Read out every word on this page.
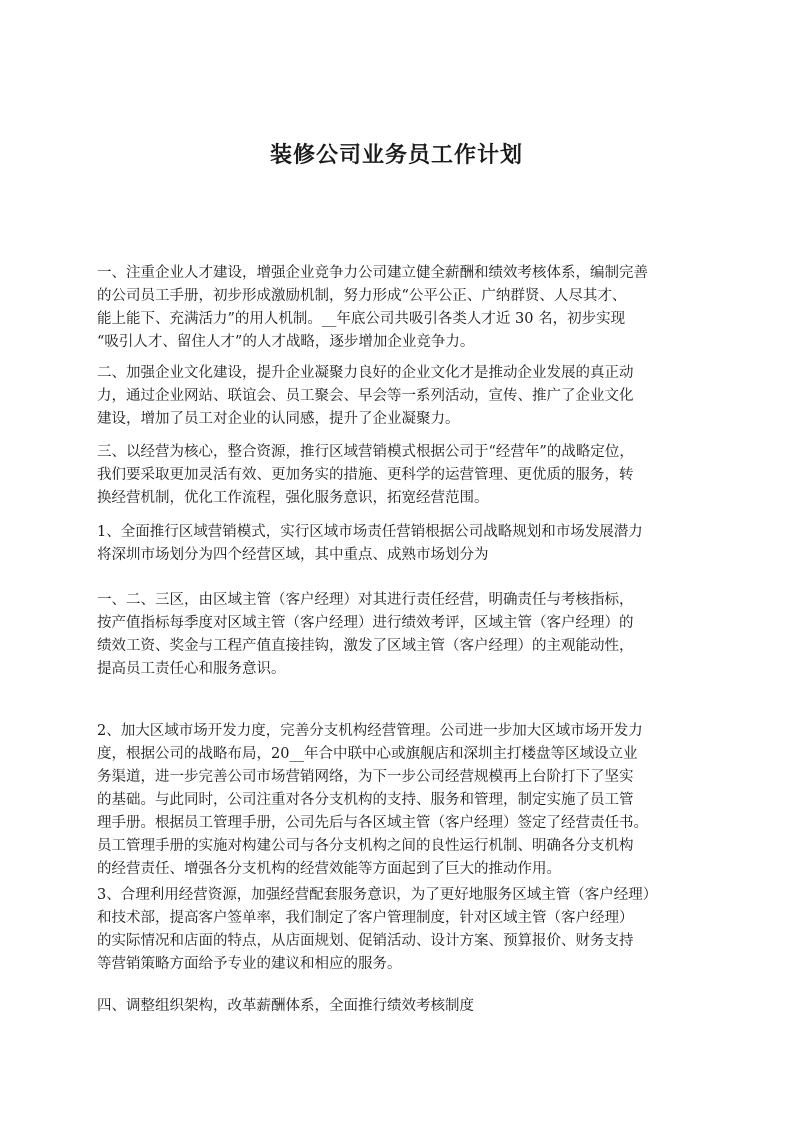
装修公司业务员工作计划
一、注重企业人才建设，增强企业竞争力公司建立健全薪酬和绩效考核体系，编制完善
的公司员工手册，初步形成激励机制，努力形成“公平公正、广纳群贤、人尽其才、
能上能下、充满活力”的用人机制。__年底公司共吸引各类人才近 30 名，初步实现
“吸引人才、留住人才”的人才战略，逐步增加企业竞争力。
二、加强企业文化建设，提升企业凝聚力良好的企业文化才是推动企业发展的真正动
力，通过企业网站、联谊会、员工聚会、早会等一系列活动，宣传、推广了企业文化
建设，增加了员工对企业的认同感，提升了企业凝聚力。
三、以经营为核心，整合资源，推行区域营销模式根据公司于“经营年”的战略定位，
我们要采取更加灵活有效、更加务实的措施、更科学的运营管理、更优质的服务，转
换经营机制，优化工作流程，强化服务意识，拓宽经营范围。
1、全面推行区域营销模式，实行区域市场责任营销根据公司战略规划和市场发展潜力
将深圳市场划分为四个经营区域，其中重点、成熟市场划分为
一、二、三区，由区域主管（客户经理）对其进行责任经营，明确责任与考核指标，
按产值指标每季度对区域主管（客户经理）进行绩效考评，区域主管（客户经理）的
绩效工资、奖金与工程产值直接挂钩，激发了区域主管（客户经理）的主观能动性，
提高员工责任心和服务意识。
2、加大区域市场开发力度，完善分支机构经营管理。公司进一步加大区域市场开发力
度，根据公司的战略布局，20__年合中联中心或旗舰店和深圳主打楼盘等区域设立业
务渠道，进一步完善公司市场营销网络，为下一步公司经营规模再上台阶打下了坚实
的基础。与此同时，公司注重对各分支机构的支持、服务和管理，制定实施了员工管
理手册。根据员工管理手册，公司先后与各区域主管（客户经理）签定了经营责任书。
员工管理手册的实施对构建公司与各分支机构之间的良性运行机制、明确各分支机构
的经营责任、增强各分支机构的经营效能等方面起到了巨大的推动作用。
3、合理利用经营资源，加强经营配套服务意识，为了更好地服务区域主管（客户经理）
和技术部，提高客户签单率，我们制定了客户管理制度，针对区域主管（客户经理）
的实际情况和店面的特点，从店面规划、促销活动、设计方案、预算报价、财务支持
等营销策略方面给予专业的建议和相应的服务。
四、调整组织架构，改革薪酬体系，全面推行绩效考核制度
